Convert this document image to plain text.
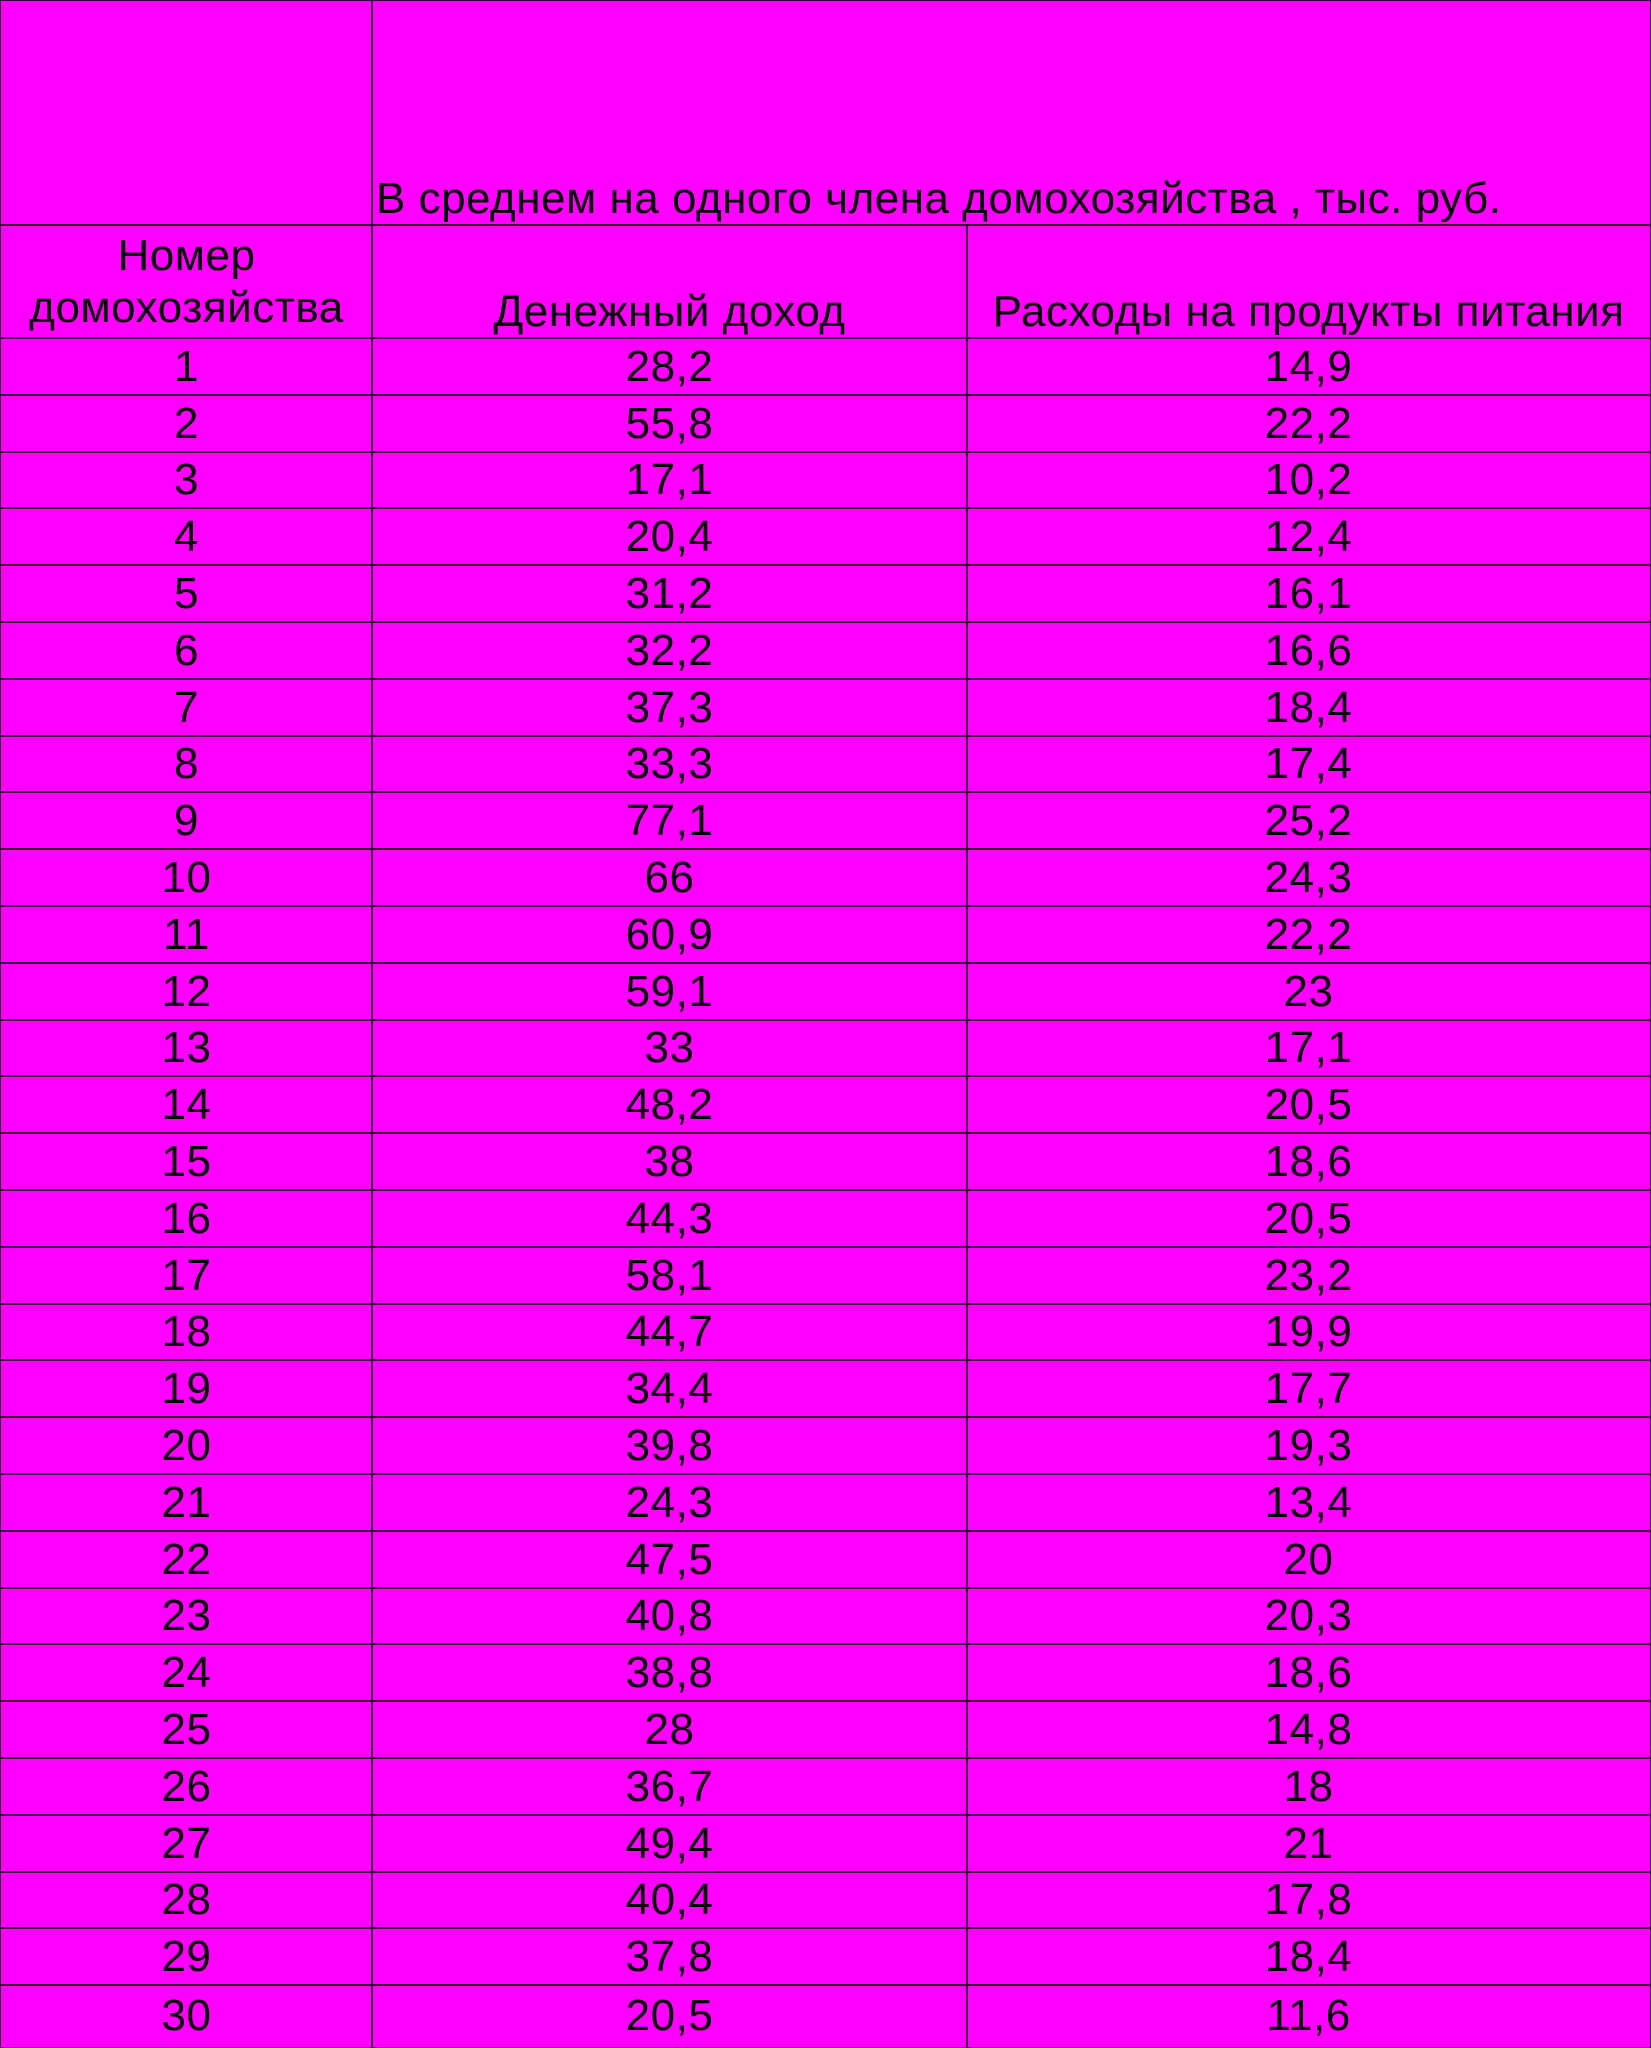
В среднем на одного члена домохозяйства , тыс. руб.
Номер домохозяйства	Денежный доход	Расходы на продукты питания
1	28,2	14,9
2	55,8	22,2
3	17,1	10,2
4	20,4	12,4
5	31,2	16,1
6	32,2	16,6
7	37,3	18,4
8	33,3	17,4
9	77,1	25,2
10	66	24,3
11	60,9	22,2
12	59,1	23
13	33	17,1
14	48,2	20,5
15	38	18,6
16	44,3	20,5
17	58,1	23,2
18	44,7	19,9
19	34,4	17,7
20	39,8	19,3
21	24,3	13,4
22	47,5	20
23	40,8	20,3
24	38,8	18,6
25	28	14,8
26	36,7	18
27	49,4	21
28	40,4	17,8
29	37,8	18,4
30	20,5	11,6
